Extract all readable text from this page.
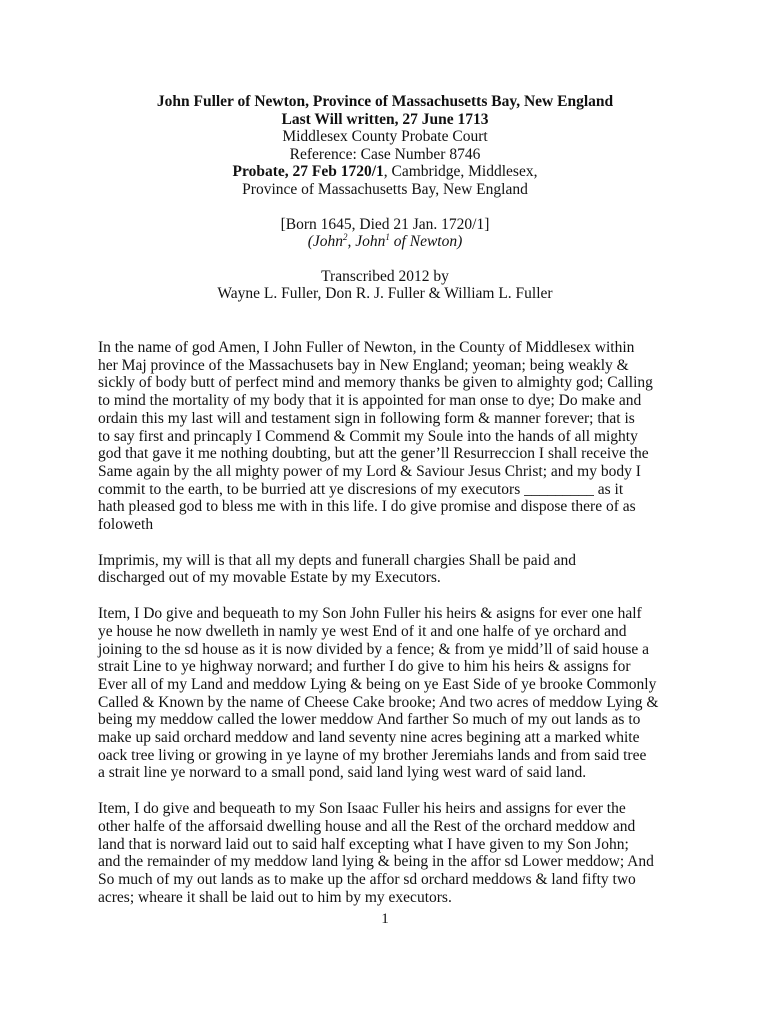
John Fuller of Newton, Province of Massachusetts Bay, New England
Last Will written, 27 June 1713
Middlesex County Probate Court
Reference: Case Number 8746
Probate, 27 Feb 1720/1, Cambridge, Middlesex,
Province of Massachusetts Bay, New England
[Born 1645, Died 21 Jan. 1720/1]
(John$^2$, John$^1$ of Newton)
Transcribed 2012 by
Wayne L. Fuller, Don R. J. Fuller & William L. Fuller

In the name of god Amen, I John Fuller of Newton, in the County of Middlesex within
her Maj province of the Massachusets bay in New England; yeoman; being weakly &
sickly of body butt of perfect mind and memory thanks be given to almighty god; Calling
to mind the mortality of my body that it is appointed for man onse to dye; Do make and
ordain this my last will and testament sign in following form & manner forever; that is
to say first and princaply I Commend & Commit my Soule into the hands of all mighty
god that gave it me nothing doubting, but att the gener’ll Resurreccion I shall receive the
Same again by the all mighty power of my Lord & Saviour Jesus Christ; and my body I
commit to the earth, to be burried att ye discresions of my executors _________ as it
hath pleased god to bless me with in this life. I do give promise and dispose there of as
foloweth

Imprimis, my will is that all my depts and funerall chargies Shall be paid and
discharged out of my movable Estate by my Executors.

Item, I Do give and bequeath to my Son John Fuller his heirs & asigns for ever one half
ye house he now dwelleth in namly ye west End of it and one halfe of ye orchard and
joining to the sd house as it is now divided by a fence; & from ye midd’ll of said house a
strait Line to ye highway norward; and further I do give to him his heirs & assigns for
Ever all of my Land and meddow Lying & being on ye East Side of ye brooke Commonly
Called & Known by the name of Cheese Cake brooke; And two acres of meddow Lying &
being my meddow called the lower meddow And farther So much of my out lands as to
make up said orchard meddow and land seventy nine acres begining att a marked white
oack tree living or growing in ye layne of my brother Jeremiahs lands and from said tree
a strait line ye norward to a small pond, said land lying west ward of said land.

Item, I do give and bequeath to my Son Isaac Fuller his heirs and assigns for ever the
other halfe of the afforsaid dwelling house and all the Rest of the orchard meddow and
land that is norward laid out to said half excepting what I have given to my Son John;
and the remainder of my meddow land lying & being in the affor sd Lower meddow; And
So much of my out lands as to make up the affor sd orchard meddows & land fifty two
acres; wheare it shall be laid out to him by my executors.

1
